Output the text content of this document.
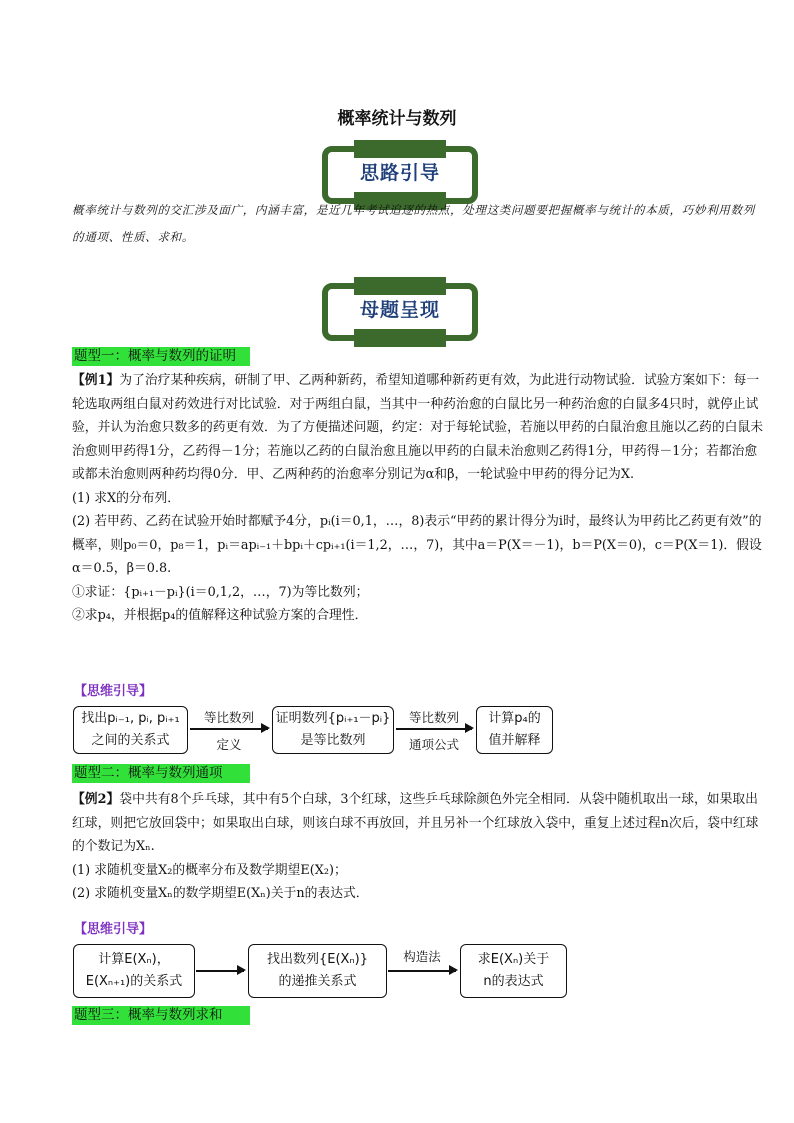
概率统计与数列
思路引导
概率统计与数列的交汇涉及面广，内涵丰富，是近几年考试追逐的热点，处理这类问题要把握概率与统计的本质，巧妙利用数列的通项、性质、求和。
母题呈现
题型一：概率与数列的证明

【例1】为了治疗某种疾病，研制了甲、乙两种新药，希望知道哪种新药更有效，为此进行动物试验．试验方案如下：每一轮选取两组白鼠对药效进行对比试验．对于两组白鼠，当其中一种药治愈的白鼠比另一种药治愈的白鼠多4只时，就停止试验，并认为治愈只数多的药更有效．为了方便描述问题，约定：对于每轮试验，若施以甲药的白鼠治愈且施以乙药的白鼠未治愈则甲药得1分，乙药得－1分；若施以乙药的白鼠治愈且施以甲药的白鼠未治愈则乙药得1分，甲药得－1分；若都治愈或都未治愈则两种药均得0分．甲、乙两种药的治愈率分别记为α和β，一轮试验中甲药的得分记为X.

(1) 求X的分布列．

(2) 若甲药、乙药在试验开始时都赋予4分，pᵢ(i＝0,1，…，8)表示“甲药的累计得分为i时，最终认为甲药比乙药更有效”的概率，则p₀＝0，p₈＝1，pᵢ＝apᵢ₋₁＋bpᵢ＋cpᵢ₊₁(i＝1,2，…，7)，其中a＝P(X＝－1)，b＝P(X＝0)，c＝P(X＝1)．假设α＝0.5，β＝0.8.

①求证：{pᵢ₊₁－pᵢ}(i＝0,1,2，…，7)为等比数列；

②求p₄，并根据p₄的值解释这种试验方案的合理性．

【思维引导】
找出pᵢ₋₁, pᵢ, pᵢ₊₁
之间的关系式
等比数列
定义
证明数列{pᵢ₊₁－pᵢ}
是等比数列
等比数列
通项公式
计算p₄的
值并解释
题型二：概率与数列通项

【例2】袋中共有8个乒乓球，其中有5个白球，3个红球，这些乒乓球除颜色外完全相同．从袋中随机取出一球，如果取出红球，则把它放回袋中；如果取出白球，则该白球不再放回，并且另补一个红球放入袋中，重复上述过程n次后，袋中红球的个数记为Xₙ.

(1) 求随机变量X₂的概率分布及数学期望E(X₂)；

(2) 求随机变量Xₙ的数学期望E(Xₙ)关于n的表达式．

【思维引导】
计算E(Xₙ)，
E(Xₙ₊₁)的关系式
找出数列{E(Xₙ)}
的递推关系式
构造法	求E(Xₙ)关于
n的表达式
题型三：概率与数列求和
